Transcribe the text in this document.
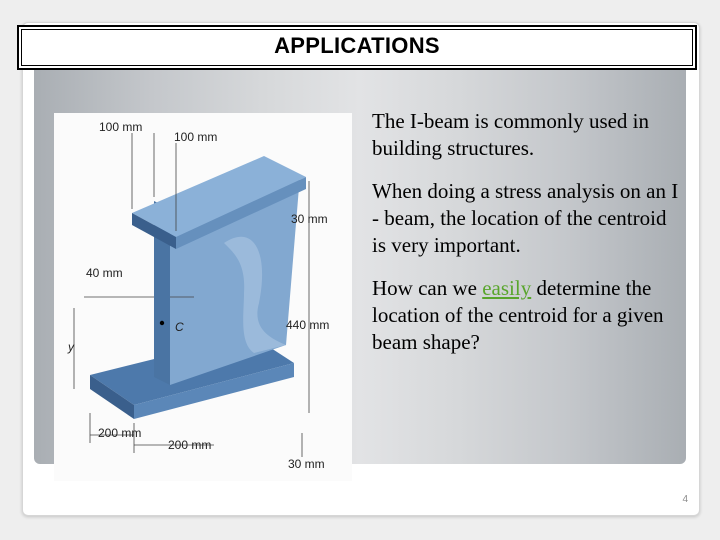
APPLICATIONS
100 mm
100 mm
30 mm
40 mm
440 mm
C
y
200 mm
200 mm
30 mm

The I-beam is commonly used in building structures.

When doing a stress analysis on an I - beam, the location of the centroid is very important.

How can we easily determine the location of the centroid for a given beam shape?

4
